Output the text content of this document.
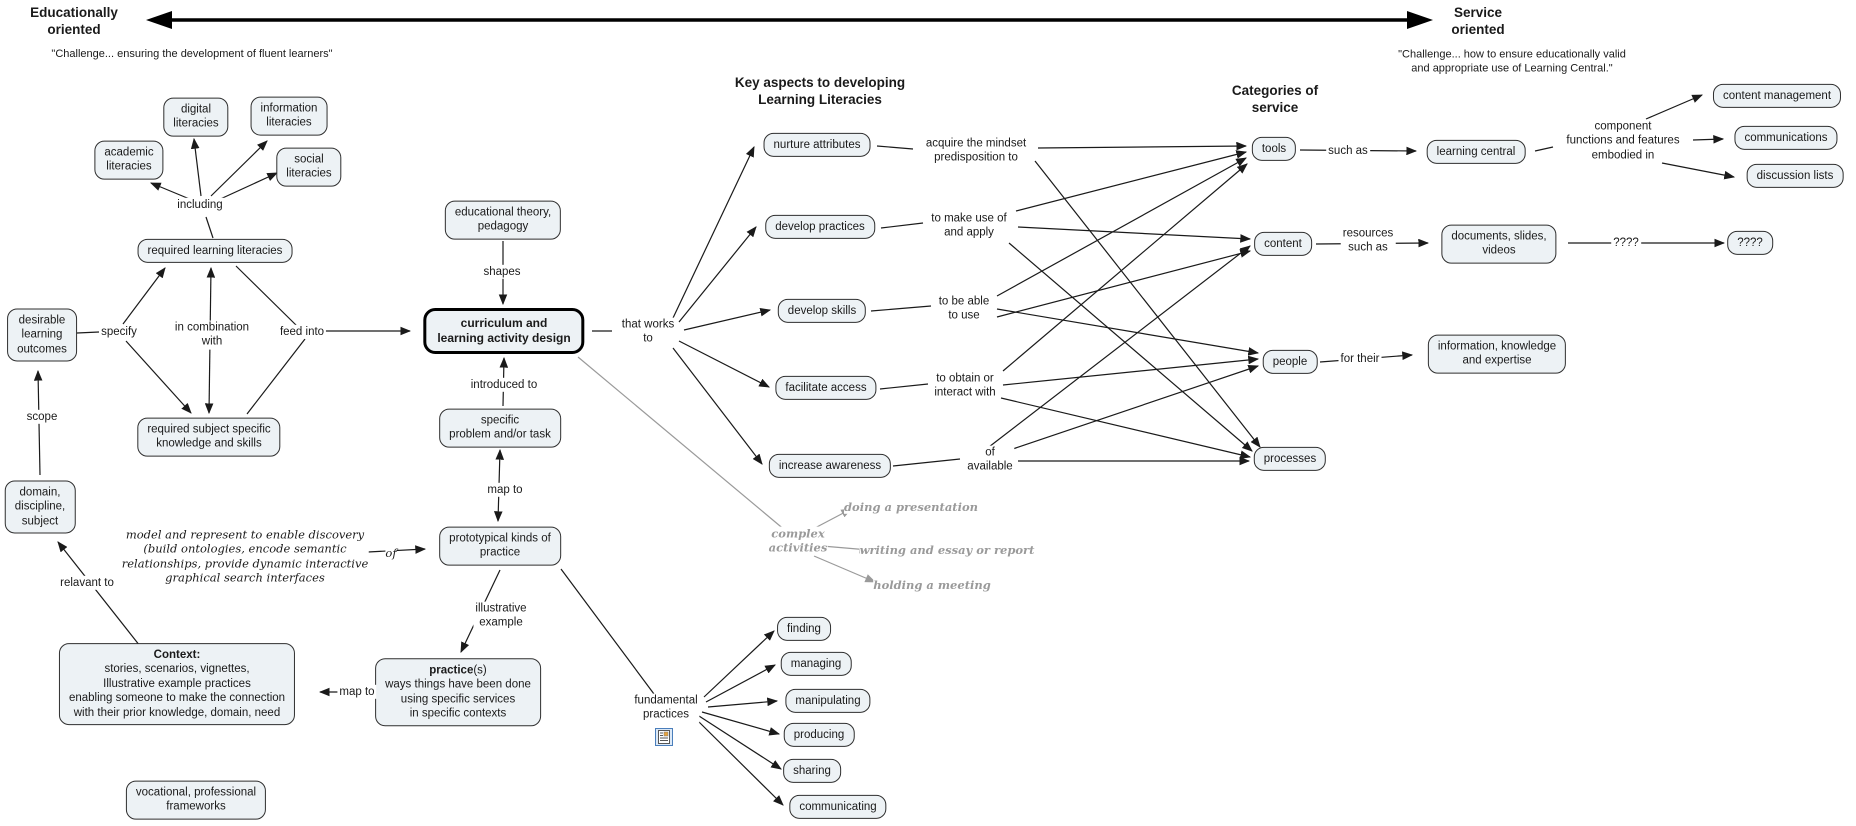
Educationally
oriented
Service
oriented
"Challenge... ensuring the development of fluent learners"	"Challenge... how to ensure educationally valid
and appropriate use of Learning Central."
Key aspects to developing
Learning Literacies
Categories of
service
digital
literacies
information
literacies
academic
literacies
social
literacies
required learning literacies
desirable
learning
outcomes
required subject specific
knowledge and skills
domain,
discipline,
subject
Context:
stories, scenarios, vignettes,
Illustrative example practices
enabling someone to make the connection
with their prior knowledge, domain, need
vocational, professional
frameworks
educational theory,
pedagogy
curriculum and
learning activity design
specific
problem and/or task
prototypical kinds of
practice
practice(s)
ways things have been done
using specific services
in specific contexts
nurture attributes
develop practices
develop skills
facilitate access
increase awareness
tools
content
people
processes
learning central
documents, slides,
videos
????
information, knowledge
and expertise
content management
communications
discussion lists
finding
managing
manipulating
producing
sharing
communicating
including
specify	in combination
with
feed into
scope
relavant to
shapes
introduced to
map to
of
illustrative
example
map to
that works
to
fundamental
practices
acquire the mindset
predisposition to
to make use of
and apply
to be able
to use
to obtain or
interact with
of
available
such as
resources
such as	????
for their
component
functions and features
embodied in
model and represent to enable discovery
(build ontologies, encode semantic
relationships, provide dynamic interactive
graphical search interfaces
complex
activities
doing a presentation
writing and essay or report
holding a meeting
